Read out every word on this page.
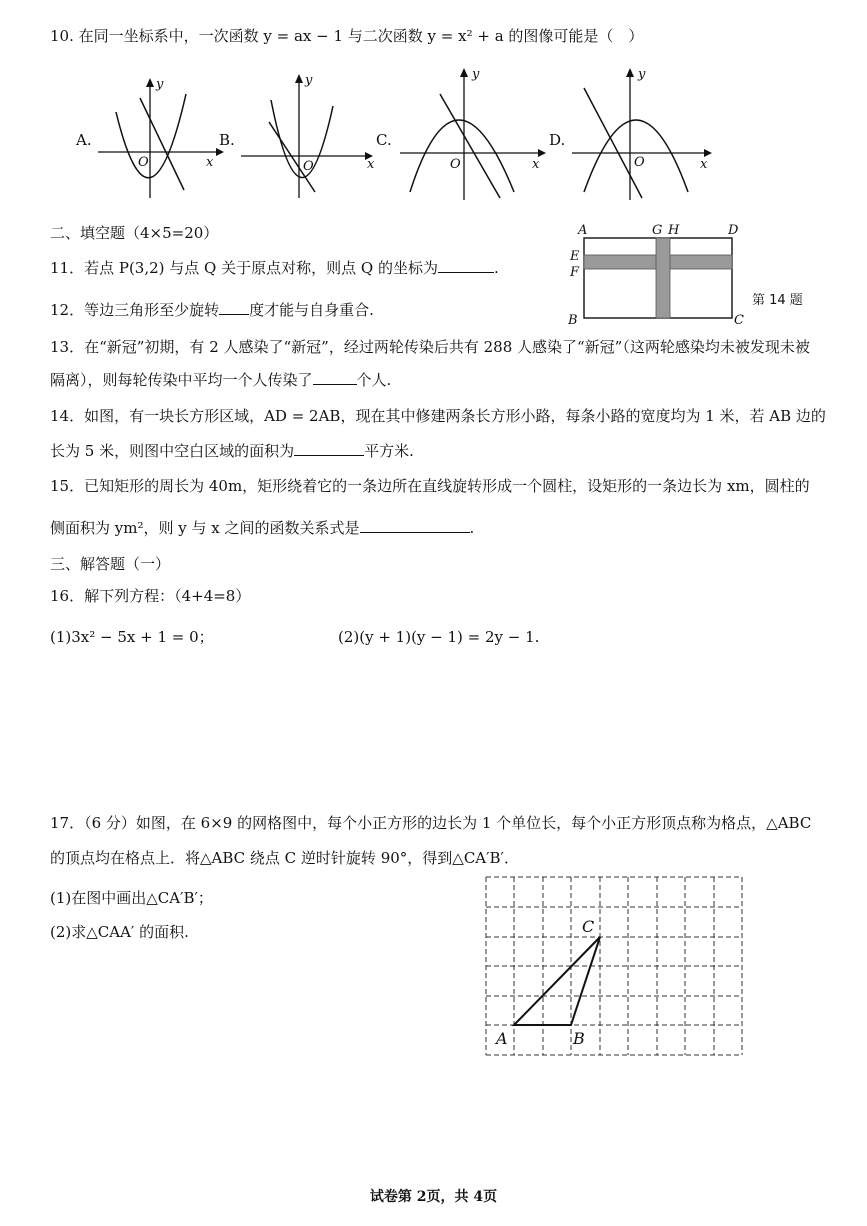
10. 在同一坐标系中，一次函数 y = ax − 1 与二次函数 y = x² + a 的图像可能是（　）
A.	B.	C.	D.
y
x
O
y
x
O
y
x
O
y
x
O
二、填空题（4×5=20）
11．若点 P(3,2) 与点 Q 关于原点对称，则点 Q 的坐标为	.
12．等边三角形至少旋转 度才能与自身重合.
A	G H	D
E
F
B	C
第 14 题
13．在“新冠”初期，有 2 人感染了“新冠”，经过两轮传染后共有 288 人感染了“新冠”（这两轮感染均未被发现未被
隔离），则每轮传染中平均一个人传染了	个人.
14．如图，有一块长方形区域，AD = 2AB，现在其中修建两条长方形小路，每条小路的宽度均为 1 米，若 AB 边的
长为 5 米，则图中空白区域的面积为	平方米.
15．已知矩形的周长为 40m，矩形绕着它的一条边所在直线旋转形成一个圆柱，设矩形的一条边长为 xm，圆柱的
侧面积为 ym²，则 y 与 x 之间的函数关系式是	.
三、解答题（一）
16．解下列方程：（4+4=8）
(1)3x² − 5x + 1 = 0；	(2)(y + 1)(y − 1) = 2y − 1.
17．（6 分）如图，在 6×9 的网格图中，每个小正方形的边长为 1 个单位长，每个小正方形顶点称为格点，△ABC
的顶点均在格点上．将△ABC 绕点 C 逆时针旋转 90°，得到△CA′B′．
(1)在图中画出△CA′B′；
(2)求△CAA′ 的面积.
A	B
C
试卷第 2页，共 4页
